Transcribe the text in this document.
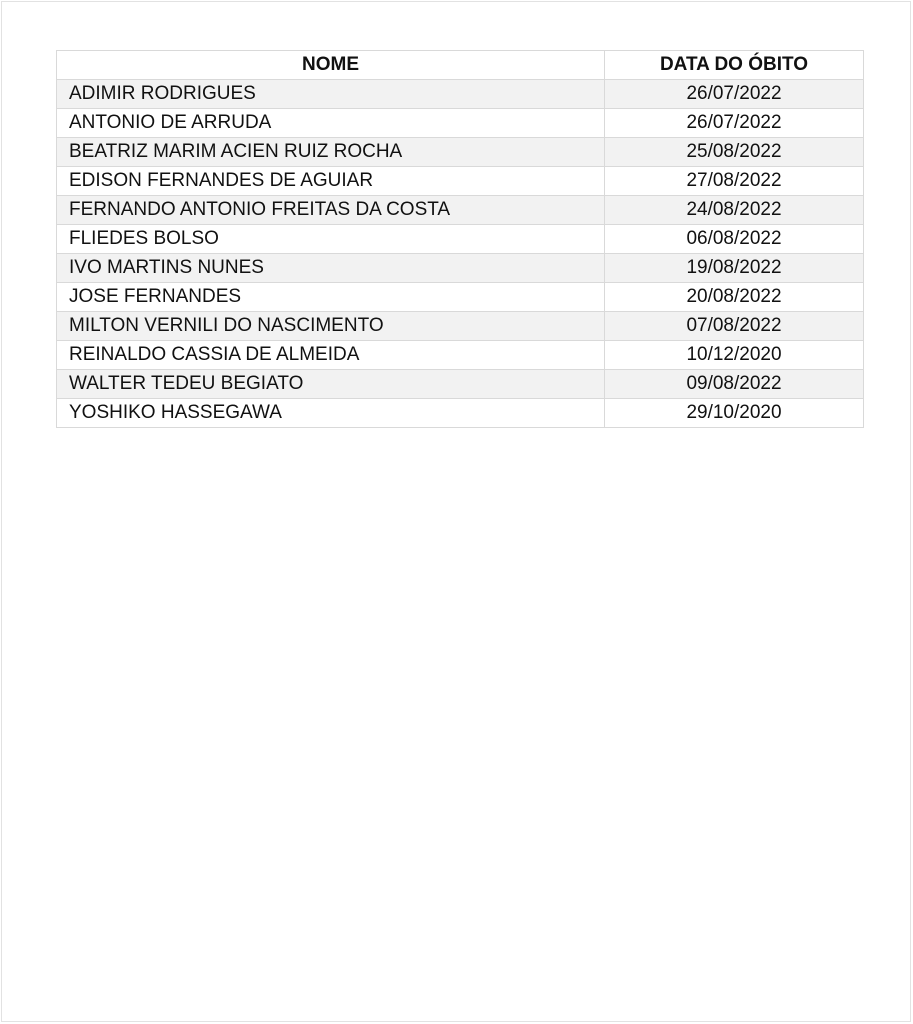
NOME	DATA DO ÓBITO
ADIMIR RODRIGUES	26/07/2022
ANTONIO DE ARRUDA	26/07/2022
BEATRIZ MARIM ACIEN RUIZ ROCHA	25/08/2022
EDISON FERNANDES DE AGUIAR	27/08/2022
FERNANDO ANTONIO FREITAS DA COSTA	24/08/2022
FLIEDES BOLSO	06/08/2022
IVO MARTINS NUNES	19/08/2022
JOSE FERNANDES	20/08/2022
MILTON VERNILI DO NASCIMENTO	07/08/2022
REINALDO CASSIA DE ALMEIDA	10/12/2020
WALTER TEDEU BEGIATO	09/08/2022
YOSHIKO HASSEGAWA	29/10/2020
